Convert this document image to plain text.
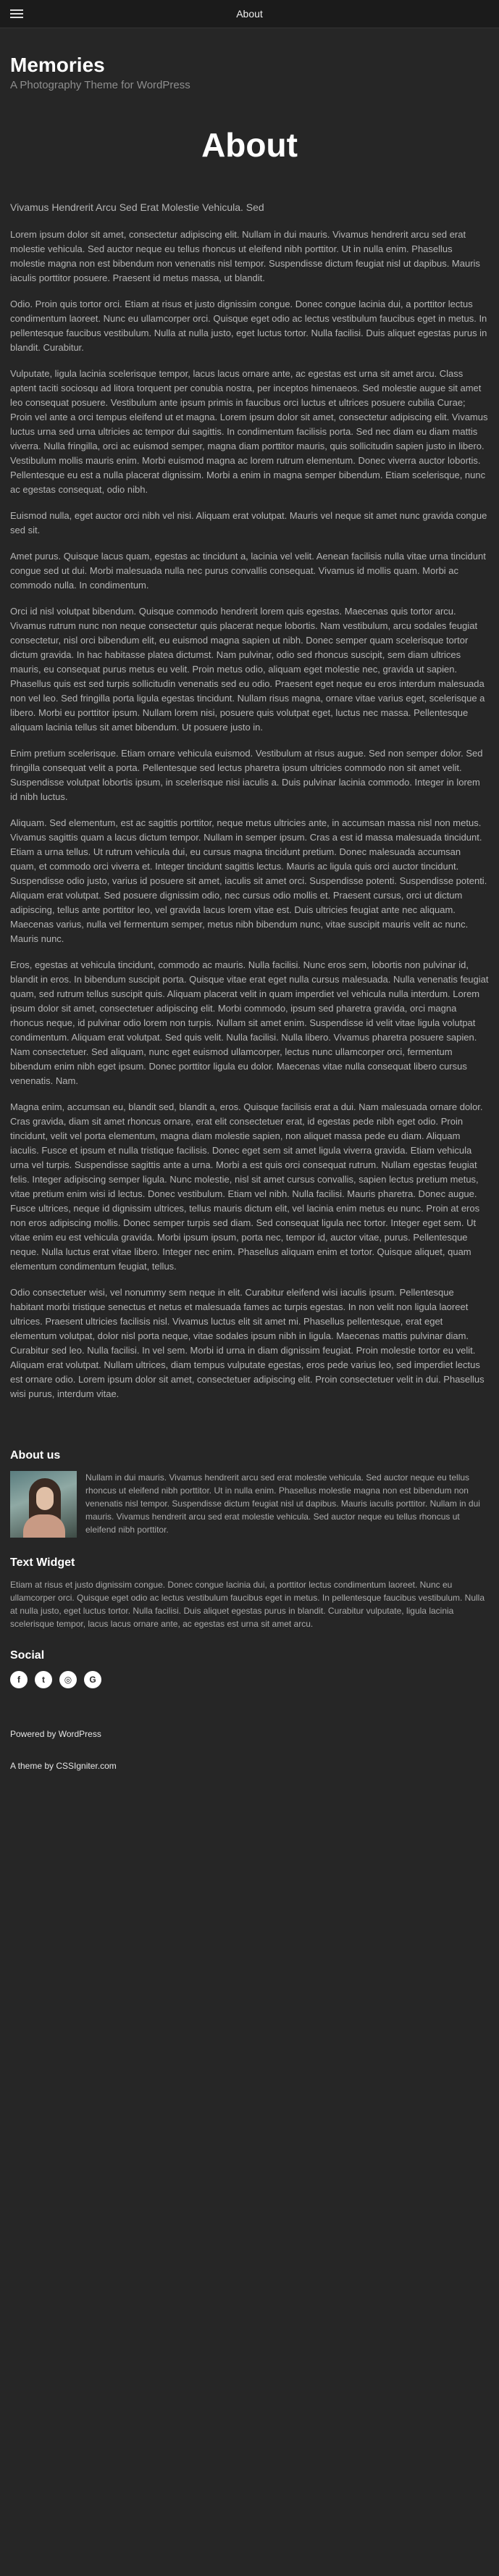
About
Memories
A Photography Theme for WordPress
About

Vivamus Hendrerit Arcu Sed Erat Molestie Vehicula. Sed

Lorem ipsum dolor sit amet, consectetur adipiscing elit. Nullam in dui mauris. Vivamus hendrerit arcu sed erat molestie vehicula. Sed auctor neque eu tellus rhoncus ut eleifend nibh porttitor. Ut in nulla enim. Phasellus molestie magna non est bibendum non venenatis nisl tempor. Suspendisse dictum feugiat nisl ut dapibus. Mauris iaculis porttitor posuere. Praesent id metus massa, ut blandit.

Odio. Proin quis tortor orci. Etiam at risus et justo dignissim congue. Donec congue lacinia dui, a porttitor lectus condimentum laoreet. Nunc eu ullamcorper orci. Quisque eget odio ac lectus vestibulum faucibus eget in metus. In pellentesque faucibus vestibulum. Nulla at nulla justo, eget luctus tortor. Nulla facilisi. Duis aliquet egestas purus in blandit. Curabitur.

Vulputate, ligula lacinia scelerisque tempor, lacus lacus ornare ante, ac egestas est urna sit amet arcu. Class aptent taciti sociosqu ad litora torquent per conubia nostra, per inceptos himenaeos. Sed molestie augue sit amet leo consequat posuere. Vestibulum ante ipsum primis in faucibus orci luctus et ultrices posuere cubilia Curae; Proin vel ante a orci tempus eleifend ut et magna. Lorem ipsum dolor sit amet, consectetur adipiscing elit. Vivamus luctus urna sed urna ultricies ac tempor dui sagittis. In condimentum facilisis porta. Sed nec diam eu diam mattis viverra. Nulla fringilla, orci ac euismod semper, magna diam porttitor mauris, quis sollicitudin sapien justo in libero. Vestibulum mollis mauris enim. Morbi euismod magna ac lorem rutrum elementum. Donec viverra auctor lobortis. Pellentesque eu est a nulla placerat dignissim. Morbi a enim in magna semper bibendum. Etiam scelerisque, nunc ac egestas consequat, odio nibh.

Euismod nulla, eget auctor orci nibh vel nisi. Aliquam erat volutpat. Mauris vel neque sit amet nunc gravida congue sed sit.

Amet purus. Quisque lacus quam, egestas ac tincidunt a, lacinia vel velit. Aenean facilisis nulla vitae urna tincidunt congue sed ut dui. Morbi malesuada nulla nec purus convallis consequat. Vivamus id mollis quam. Morbi ac commodo nulla. In condimentum.

Orci id nisl volutpat bibendum. Quisque commodo hendrerit lorem quis egestas. Maecenas quis tortor arcu. Vivamus rutrum nunc non neque consectetur quis placerat neque lobortis. Nam vestibulum, arcu sodales feugiat consectetur, nisl orci bibendum elit, eu euismod magna sapien ut nibh. Donec semper quam scelerisque tortor dictum gravida. In hac habitasse platea dictumst. Nam pulvinar, odio sed rhoncus suscipit, sem diam ultrices mauris, eu consequat purus metus eu velit. Proin metus odio, aliquam eget molestie nec, gravida ut sapien. Phasellus quis est sed turpis sollicitudin venenatis sed eu odio. Praesent eget neque eu eros interdum malesuada non vel leo. Sed fringilla porta ligula egestas tincidunt. Nullam risus magna, ornare vitae varius eget, scelerisque a libero. Morbi eu porttitor ipsum. Nullam lorem nisi, posuere quis volutpat eget, luctus nec massa. Pellentesque aliquam lacinia tellus sit amet bibendum. Ut posuere justo in.

Enim pretium scelerisque. Etiam ornare vehicula euismod. Vestibulum at risus augue. Sed non semper dolor. Sed fringilla consequat velit a porta. Pellentesque sed lectus pharetra ipsum ultricies commodo non sit amet velit. Suspendisse volutpat lobortis ipsum, in scelerisque nisi iaculis a. Duis pulvinar lacinia commodo. Integer in lorem id nibh luctus.

Aliquam. Sed elementum, est ac sagittis porttitor, neque metus ultricies ante, in accumsan massa nisl non metus. Vivamus sagittis quam a lacus dictum tempor. Nullam in semper ipsum. Cras a est id massa malesuada tincidunt. Etiam a urna tellus. Ut rutrum vehicula dui, eu cursus magna tincidunt pretium. Donec malesuada accumsan quam, et commodo orci viverra et. Integer tincidunt sagittis lectus. Mauris ac ligula quis orci auctor tincidunt. Suspendisse odio justo, varius id posuere sit amet, iaculis sit amet orci. Suspendisse potenti. Suspendisse potenti. Aliquam erat volutpat. Sed posuere dignissim odio, nec cursus odio mollis et. Praesent cursus, orci ut dictum adipiscing, tellus ante porttitor leo, vel gravida lacus lorem vitae est. Duis ultricies feugiat ante nec aliquam. Maecenas varius, nulla vel fermentum semper, metus nibh bibendum nunc, vitae suscipit mauris velit ac nunc. Mauris nunc.

Eros, egestas at vehicula tincidunt, commodo ac mauris. Nulla facilisi. Nunc eros sem, lobortis non pulvinar id, blandit in eros. In bibendum suscipit porta. Quisque vitae erat eget nulla cursus malesuada. Nulla venenatis feugiat quam, sed rutrum tellus suscipit quis. Aliquam placerat velit in quam imperdiet vel vehicula nulla interdum. Lorem ipsum dolor sit amet, consectetuer adipiscing elit. Morbi commodo, ipsum sed pharetra gravida, orci magna rhoncus neque, id pulvinar odio lorem non turpis. Nullam sit amet enim. Suspendisse id velit vitae ligula volutpat condimentum. Aliquam erat volutpat. Sed quis velit. Nulla facilisi. Nulla libero. Vivamus pharetra posuere sapien. Nam consectetuer. Sed aliquam, nunc eget euismod ullamcorper, lectus nunc ullamcorper orci, fermentum bibendum enim nibh eget ipsum. Donec porttitor ligula eu dolor. Maecenas vitae nulla consequat libero cursus venenatis. Nam.

Magna enim, accumsan eu, blandit sed, blandit a, eros. Quisque facilisis erat a dui. Nam malesuada ornare dolor. Cras gravida, diam sit amet rhoncus ornare, erat elit consectetuer erat, id egestas pede nibh eget odio. Proin tincidunt, velit vel porta elementum, magna diam molestie sapien, non aliquet massa pede eu diam. Aliquam iaculis. Fusce et ipsum et nulla tristique facilisis. Donec eget sem sit amet ligula viverra gravida. Etiam vehicula urna vel turpis. Suspendisse sagittis ante a urna. Morbi a est quis orci consequat rutrum. Nullam egestas feugiat felis. Integer adipiscing semper ligula. Nunc molestie, nisl sit amet cursus convallis, sapien lectus pretium metus, vitae pretium enim wisi id lectus. Donec vestibulum. Etiam vel nibh. Nulla facilisi. Mauris pharetra. Donec augue. Fusce ultrices, neque id dignissim ultrices, tellus mauris dictum elit, vel lacinia enim metus eu nunc. Proin at eros non eros adipiscing mollis. Donec semper turpis sed diam. Sed consequat ligula nec tortor. Integer eget sem. Ut vitae enim eu est vehicula gravida. Morbi ipsum ipsum, porta nec, tempor id, auctor vitae, purus. Pellentesque neque. Nulla luctus erat vitae libero. Integer nec enim. Phasellus aliquam enim et tortor. Quisque aliquet, quam elementum condimentum feugiat, tellus.

Odio consectetuer wisi, vel nonummy sem neque in elit. Curabitur eleifend wisi iaculis ipsum. Pellentesque habitant morbi tristique senectus et netus et malesuada fames ac turpis egestas. In non velit non ligula laoreet ultrices. Praesent ultricies facilisis nisl. Vivamus luctus elit sit amet mi. Phasellus pellentesque, erat eget elementum volutpat, dolor nisl porta neque, vitae sodales ipsum nibh in ligula. Maecenas mattis pulvinar diam. Curabitur sed leo. Nulla facilisi. In vel sem. Morbi id urna in diam dignissim feugiat. Proin molestie tortor eu velit. Aliquam erat volutpat. Nullam ultrices, diam tempus vulputate egestas, eros pede varius leo, sed imperdiet lectus est ornare odio. Lorem ipsum dolor sit amet, consectetuer adipiscing elit. Proin consectetuer velit in dui. Phasellus wisi purus, interdum vitae.

About us
Nullam in dui mauris. Vivamus hendrerit arcu sed erat molestie vehicula. Sed auctor neque eu tellus rhoncus ut eleifend nibh porttitor. Ut in nulla enim. Phasellus molestie magna non est bibendum non venenatis nisl tempor. Suspendisse dictum feugiat nisl ut dapibus. Mauris iaculis porttitor. Nullam in dui mauris. Vivamus hendrerit arcu sed erat molestie vehicula. Sed auctor neque eu tellus rhoncus ut eleifend nibh porttitor.
Text Widget
Etiam at risus et justo dignissim congue. Donec congue lacinia dui, a porttitor lectus condimentum laoreet. Nunc eu ullamcorper orci. Quisque eget odio ac lectus vestibulum faucibus eget in metus. In pellentesque faucibus vestibulum. Nulla at nulla justo, eget luctus tortor. Nulla facilisi. Duis aliquet egestas purus in blandit. Curabitur vulputate, ligula lacinia scelerisque tempor, lacus lacus ornare ante, ac egestas est urna sit amet arcu.
Social
f	t	◎	G
Powered by WordPress
A theme by CSSIgniter.com
